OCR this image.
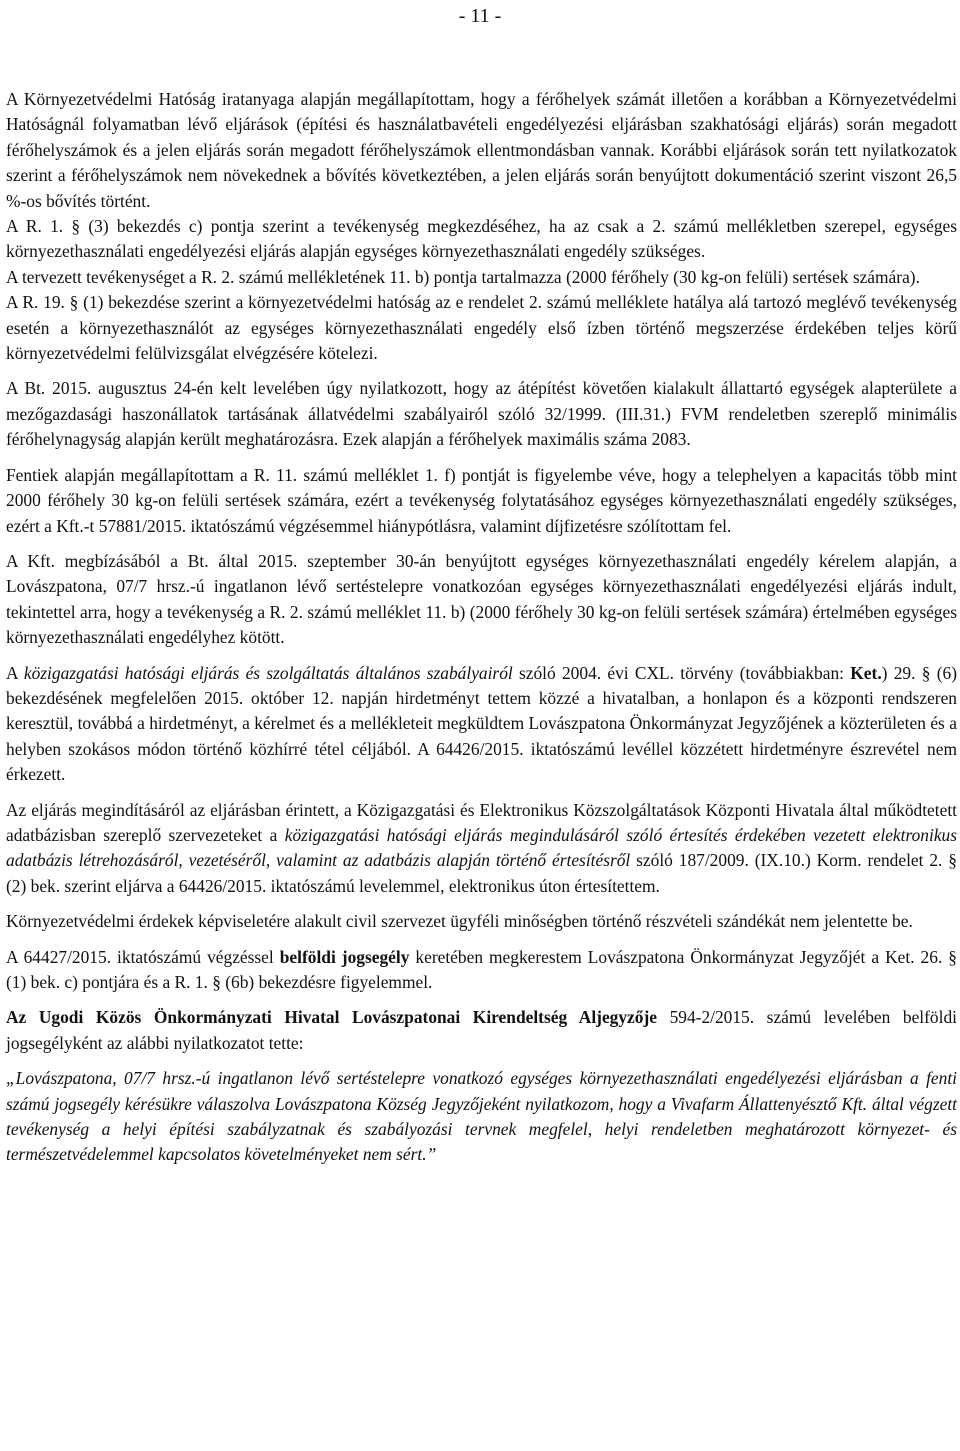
- 11 -

A Környezetvédelmi Hatóság iratanyaga alapján megállapítottam, hogy a férőhelyek számát illetően a korábban a Környezetvédelmi Hatóságnál folyamatban lévő eljárások (építési és használatbavételi engedélyezési eljárásban szakhatósági eljárás) során megadott férőhelyszámok és a jelen eljárás során megadott férőhelyszámok ellentmondásban vannak. Korábbi eljárások során tett nyilatkozatok szerint a férőhelyszámok nem növekednek a bővítés következtében, a jelen eljárás során benyújtott dokumentáció szerint viszont 26,5 %-os bővítés történt.

A R. 1. § (3) bekezdés c) pontja szerint a tevékenység megkezdéséhez, ha az csak a 2. számú mellékletben szerepel, egységes környezethasználati engedélyezési eljárás alapján egységes környezethasználati engedély szükséges.

A tervezett tevékenységet a R. 2. számú mellékletének 11. b) pontja tartalmazza (2000 férőhely (30 kg-on felüli) sertések számára).

A R. 19. § (1) bekezdése szerint a környezetvédelmi hatóság az e rendelet 2. számú melléklete hatálya alá tartozó meglévő tevékenység esetén a környezethasználót az egységes környezethasználati engedély első ízben történő megszerzése érdekében teljes körű környezetvédelmi felülvizsgálat elvégzésére kötelezi.

A Bt. 2015. augusztus 24-én kelt levelében úgy nyilatkozott, hogy az átépítést követően kialakult állattartó egységek alapterülete a mezőgazdasági haszonállatok tartásának állatvédelmi szabályairól szóló 32/1999. (III.31.) FVM rendeletben szereplő minimális férőhelynagyság alapján került meghatározásra. Ezek alapján a férőhelyek maximális száma 2083.

Fentiek alapján megállapítottam a R. 11. számú melléklet 1. f) pontját is figyelembe véve, hogy a telephelyen a kapacitás több mint 2000 férőhely 30 kg-on felüli sertések számára, ezért a tevékenység folytatásához egységes környezethasználati engedély szükséges, ezért a Kft.-t 57881/2015. iktatószámú végzésemmel hiánypótlásra, valamint díjfizetésre szólítottam fel.

A Kft. megbízásából a Bt. által 2015. szeptember 30-án benyújtott egységes környezethasználati engedély kérelem alapján, a Lovászpatona, 07/7 hrsz.-ú ingatlanon lévő sertéstelepre vonatkozóan egységes környezethasználati engedélyezési eljárás indult, tekintettel arra, hogy a tevékenység a R. 2. számú melléklet 11. b) (2000 férőhely 30 kg-on felüli sertések számára) értelmében egységes környezethasználati engedélyhez kötött.

A közigazgatási hatósági eljárás és szolgáltatás általános szabályairól szóló 2004. évi CXL. törvény (továbbiakban: Ket.) 29. § (6) bekezdésének megfelelően 2015. október 12. napján hirdetményt tettem közzé a hivatalban, a honlapon és a központi rendszeren keresztül, továbbá a hirdetményt, a kérelmet és a mellékleteit megküldtem Lovászpatona Önkormányzat Jegyzőjének a közterületen és a helyben szokásos módon történő közhírré tétel céljából. A 64426/2015. iktatószámú levéllel közzétett hirdetményre észrevétel nem érkezett.

Az eljárás megindításáról az eljárásban érintett, a Közigazgatási és Elektronikus Közszolgáltatások Központi Hivatala által működtetett adatbázisban szereplő szervezeteket a közigazgatási hatósági eljárás megindulásáról szóló értesítés érdekében vezetett elektronikus adatbázis létrehozásáról, vezetéséről, valamint az adatbázis alapján történő értesítésről szóló 187/2009. (IX.10.) Korm. rendelet 2. § (2) bek. szerint eljárva a 64426/2015. iktatószámú levelemmel, elektronikus úton értesítettem.

Környezetvédelmi érdekek képviseletére alakult civil szervezet ügyféli minőségben történő részvételi szándékát nem jelentette be.

A 64427/2015. iktatószámú végzéssel belföldi jogsegély keretében megkerestem Lovászpatona Önkormányzat Jegyzőjét a Ket. 26. § (1) bek. c) pontjára és a R. 1. § (6b) bekezdésre figyelemmel.

Az Ugodi Közös Önkormányzati Hivatal Lovászpatonai Kirendeltség Aljegyzője 594-2/2015. számú levelében belföldi jogsegélyként az alábbi nyilatkozatot tette:

„Lovászpatona, 07/7 hrsz.-ú ingatlanon lévő sertéstelepre vonatkozó egységes környezethasználati engedélyezési eljárásban a fenti számú jogsegély kérésükre válaszolva Lovászpatona Község Jegyzőjeként nyilatkozom, hogy a Vivafarm Állattenyésztő Kft. által végzett tevékenység a helyi építési szabályzatnak és szabályozási tervnek megfelel, helyi rendeletben meghatározott környezet- és természetvédelemmel kapcsolatos követelményeket nem sért.”
